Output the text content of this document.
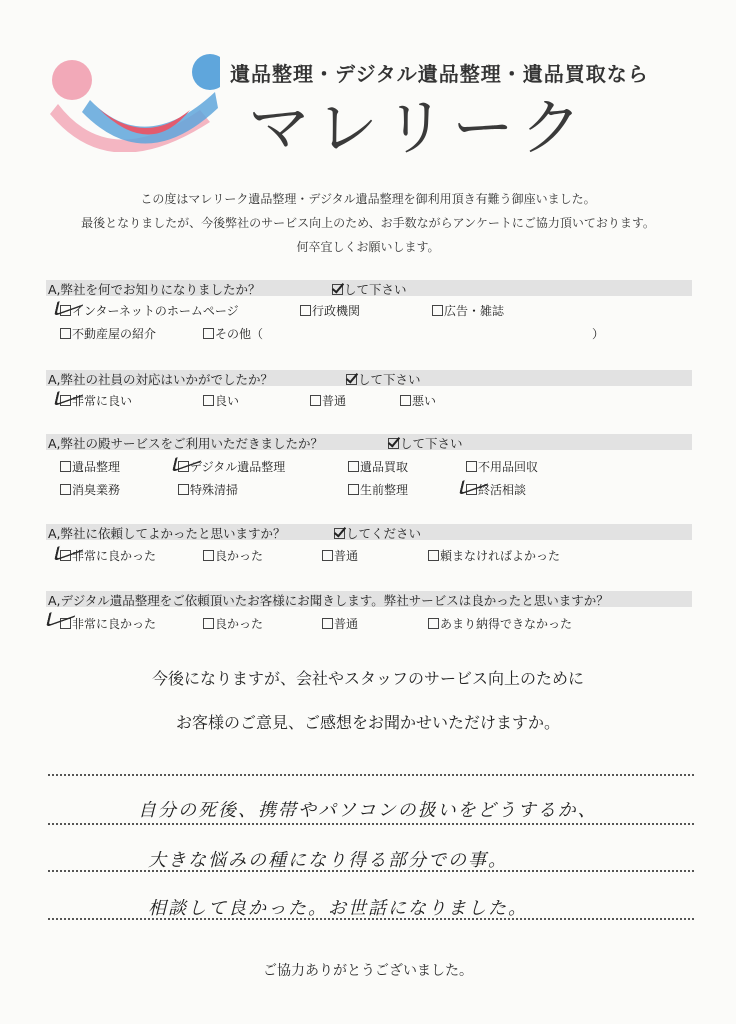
遺品整理・デジタル遺品整理・遺品買取なら
マレリーク
この度はマレリーク遺品整理・デジタル遺品整理を御利用頂き有難う御座いました。
最後となりましたが、今後弊社のサービス向上のため、お手数ながらアンケートにご協力頂いております。
何卒宜しくお願いします。
A,弊社を何でお知りになりましたか？	して下さい
インターネットのホームページ	行政機関	広告・雑誌
不動産屋の紹介	その他（	）
A,弊社の社員の対応はいかがでしたか？	して下さい
非常に良い	良い	普通	悪い
A,弊社の殿サービスをご利用いただきましたか？	して下さい
遺品整理	デジタル遺品整理	遺品買取	不用品回収
消臭業務	特殊清掃	生前整理	終活相談
A,弊社に依頼してよかったと思いますか？	してください
非常に良かった	良かった	普通	頼まなければよかった
A,デジタル遺品整理をご依頼頂いたお客様にお聞きします。弊社サービスは良かったと思いますか？
非常に良かった	良かった	普通	あまり納得できなかった
今後になりますが、会社やスタッフのサービス向上のために
お客様のご意見、ご感想をお聞かせいただけますか。
自分の死後、携帯やパソコンの扱いをどうするか、
大きな悩みの種になり得る部分での事。
相談して良かった。お世話になりました。
ご協力ありがとうございました。
